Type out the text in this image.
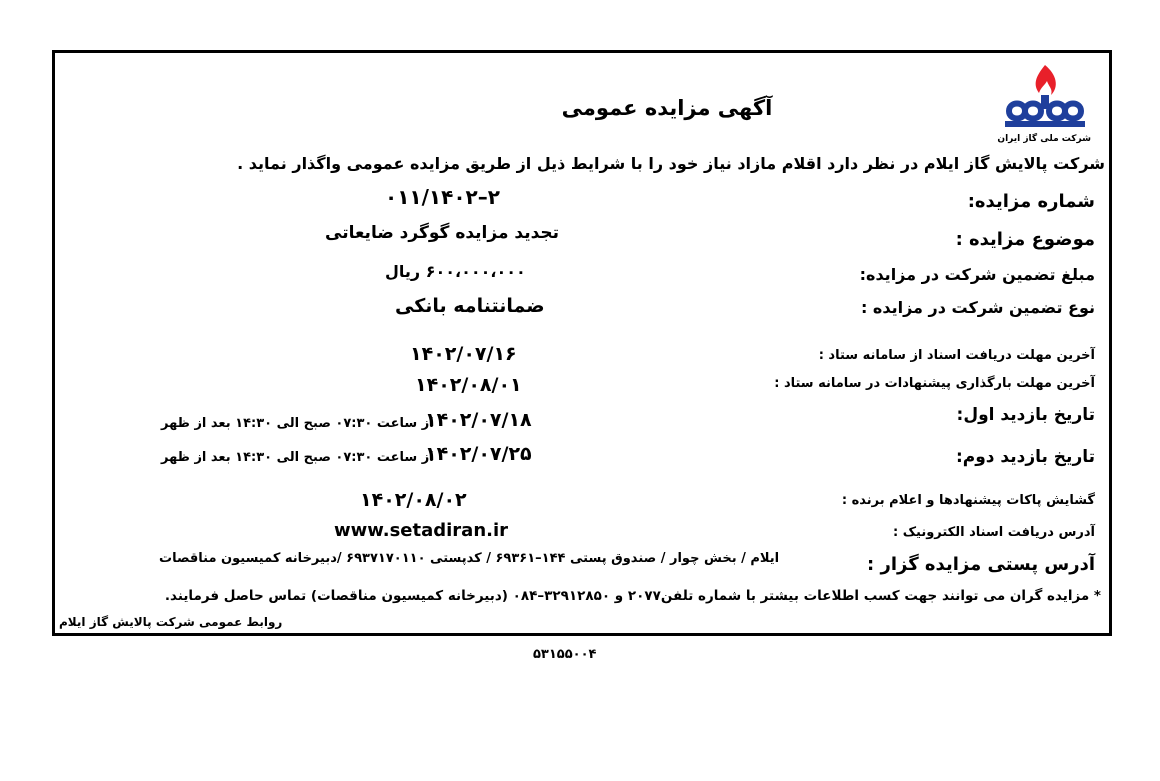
شرکت ملی گاز ایران
آگهی مزایده عمومی
شرکت پالایش گاز ایلام در نظر دارد اقلام مازاد نیاز خود را با شرایط ذیل از طریق مزایده عمومی واگذار نماید .
شماره مزایده:
۲–۰۱۱/۱۴۰۲
موضوع مزایده :
تجدید مزایده گوگرد ضایعاتی
مبلغ تضمین شرکت در مزایده:
۶۰۰،۰۰۰،۰۰۰ ریال
نوع تضمین شرکت در مزایده :
ضمانتنامه بانکی
آخرین مهلت دریافت اسناد از سامانه ستاد :
۱۴۰۲/۰۷/۱۶
آخرین مهلت بارگذاری پیشنهادات در سامانه ستاد :
۱۴۰۲/۰۸/۰۱
تاریخ بازدید اول:
۱۴۰۲/۰۷/۱۸
از ساعت ۰۷:۳۰ صبح الی ۱۴:۳۰ بعد از ظهر
تاریخ بازدید دوم:
۱۴۰۲/۰۷/۲۵
از ساعت ۰۷:۳۰ صبح الی ۱۴:۳۰ بعد از ظهر
گشایش پاکات پیشنهادها و اعلام برنده :
۱۴۰۲/۰۸/۰۲
آدرس دریافت اسناد الکترونیک :
www.setadiran.ir
آدرس پستی مزایده گزار :
ایلام / بخش چوار / صندوق پستی ۱۴۴–۶۹۳۶۱ / کدپستی ۶۹۳۷۱۷۰۱۱۰ /دبیرخانه کمیسیون مناقصات
* مزایده گران می توانند جهت کسب اطلاعات بیشتر با شماره تلفن۲۰۷۷ و ۳۲۹۱۲۸۵۰–۰۸۴ (دبیرخانه کمیسیون مناقصات) تماس حاصل فرمایند.
روابط عمومی شرکت پالایش گاز ایلام
۵۳۱۵۵۰۰۴
